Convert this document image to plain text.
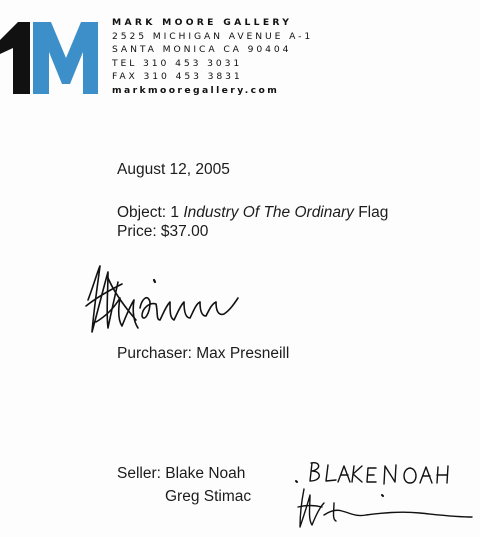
MARK MOORE GALLERY
2525 MICHIGAN AVENUE A-1
SANTA MONICA CA 90404
TEL 310 453 3031
FAX 310 453 3831
markmooregallery.com
August 12, 2005
Object: 1 Industry Of The Ordinary Flag
Price: $37.00
Purchaser: Max Presneill
Seller: Blake Noah
Greg Stimac
